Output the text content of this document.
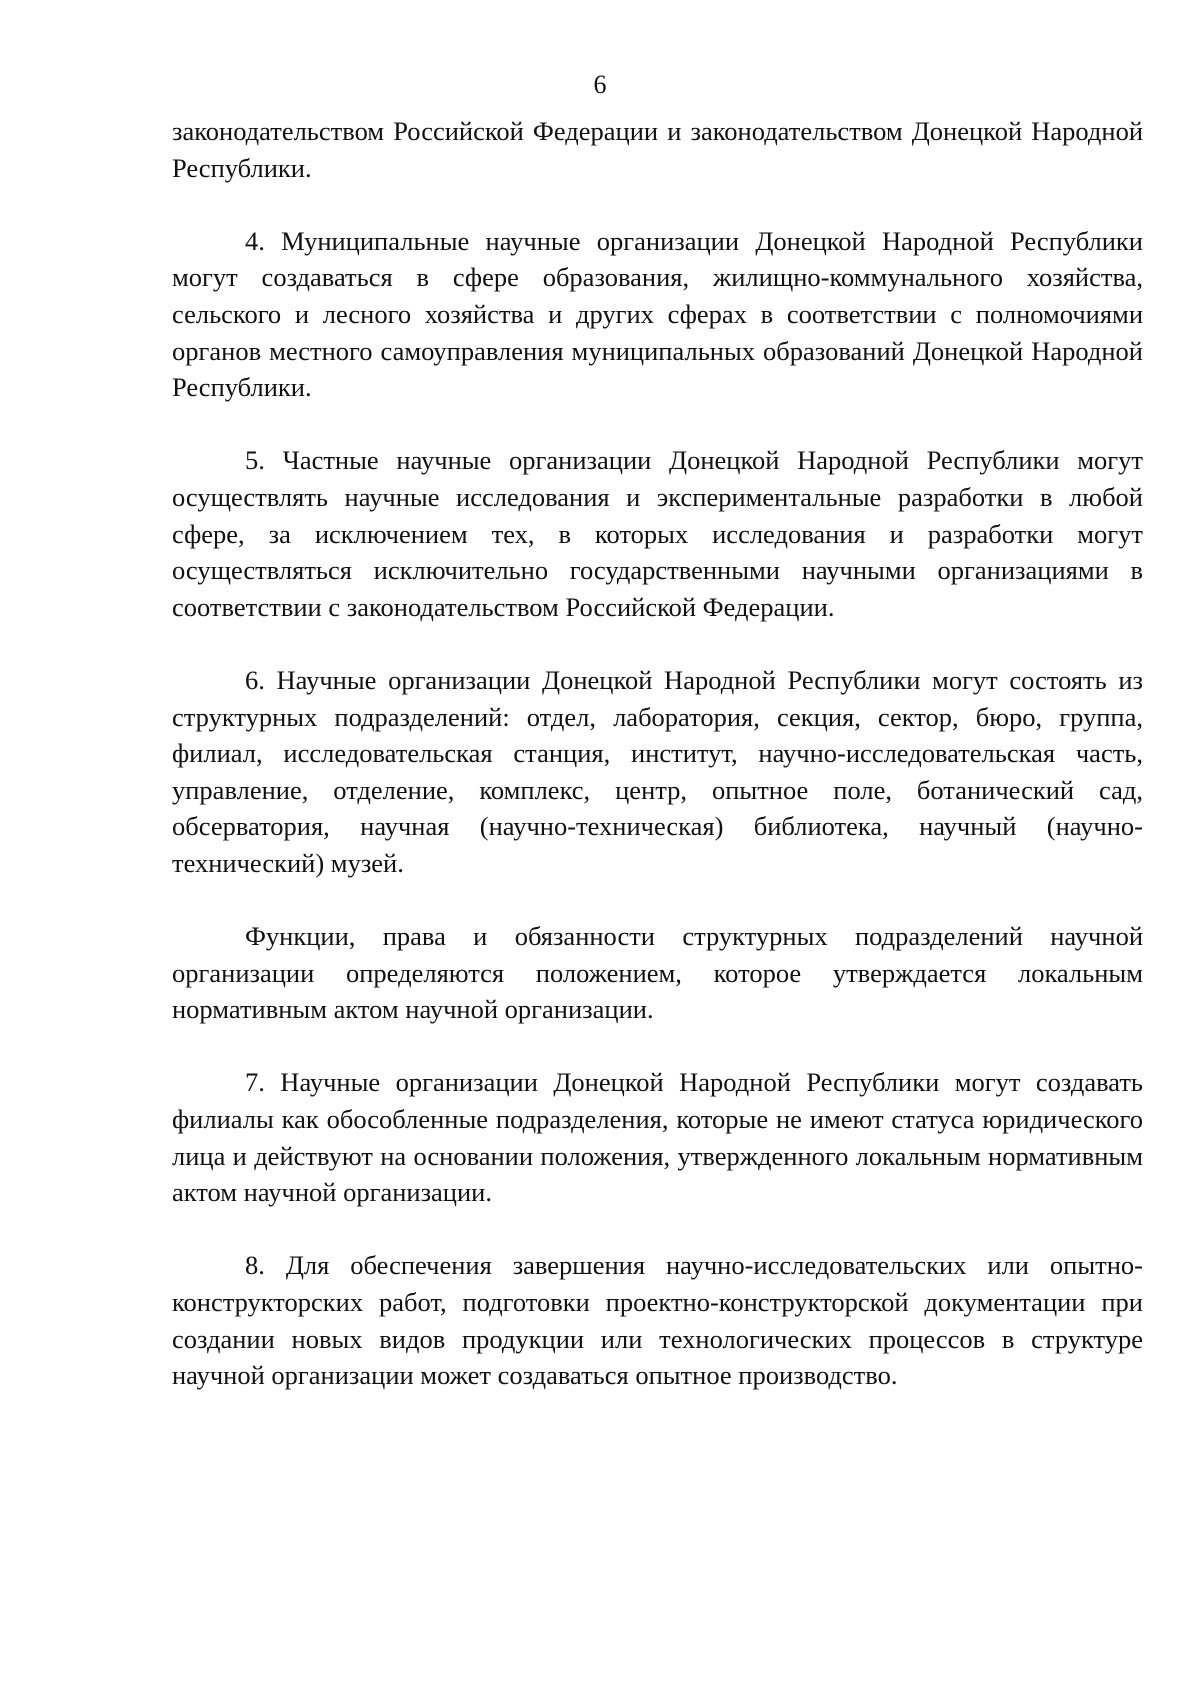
6

законодательством Российской Федерации и законодательством Донецкой Народной Республики.

4. Муниципальные научные организации Донецкой Народной Республики могут создаваться в сфере образования, жилищно-коммунального хозяйства, сельского и лесного хозяйства и других сферах в соответствии с полномочиями органов местного самоуправления муниципальных образований Донецкой Народной Республики.

5. Частные научные организации Донецкой Народной Республики могут осуществлять научные исследования и экспериментальные разработки в любой сфере, за исключением тех, в которых исследования и разработки могут осуществляться исключительно государственными научными организациями в соответствии с законодательством Российской Федерации.

6. Научные организации Донецкой Народной Республики могут состоять из структурных подразделений: отдел, лаборатория, секция, сектор, бюро, группа, филиал, исследовательская станция, институт, научно-исследовательская часть, управление, отделение, комплекс, центр, опытное поле, ботанический сад, обсерватория, научная (научно-техническая) библиотека, научный (научно-технический) музей.

Функции, права и обязанности структурных подразделений научной организации определяются положением, которое утверждается локальным нормативным актом научной организации.

7. Научные организации Донецкой Народной Республики могут создавать филиалы как обособленные подразделения, которые не имеют статуса юридического лица и действуют на основании положения, утвержденного локальным нормативным актом научной организации.

8. Для обеспечения завершения научно-исследовательских или опытно-конструкторских работ, подготовки проектно-конструкторской документации при создании новых видов продукции или технологических процессов в структуре научной организации может создаваться опытное производство.
